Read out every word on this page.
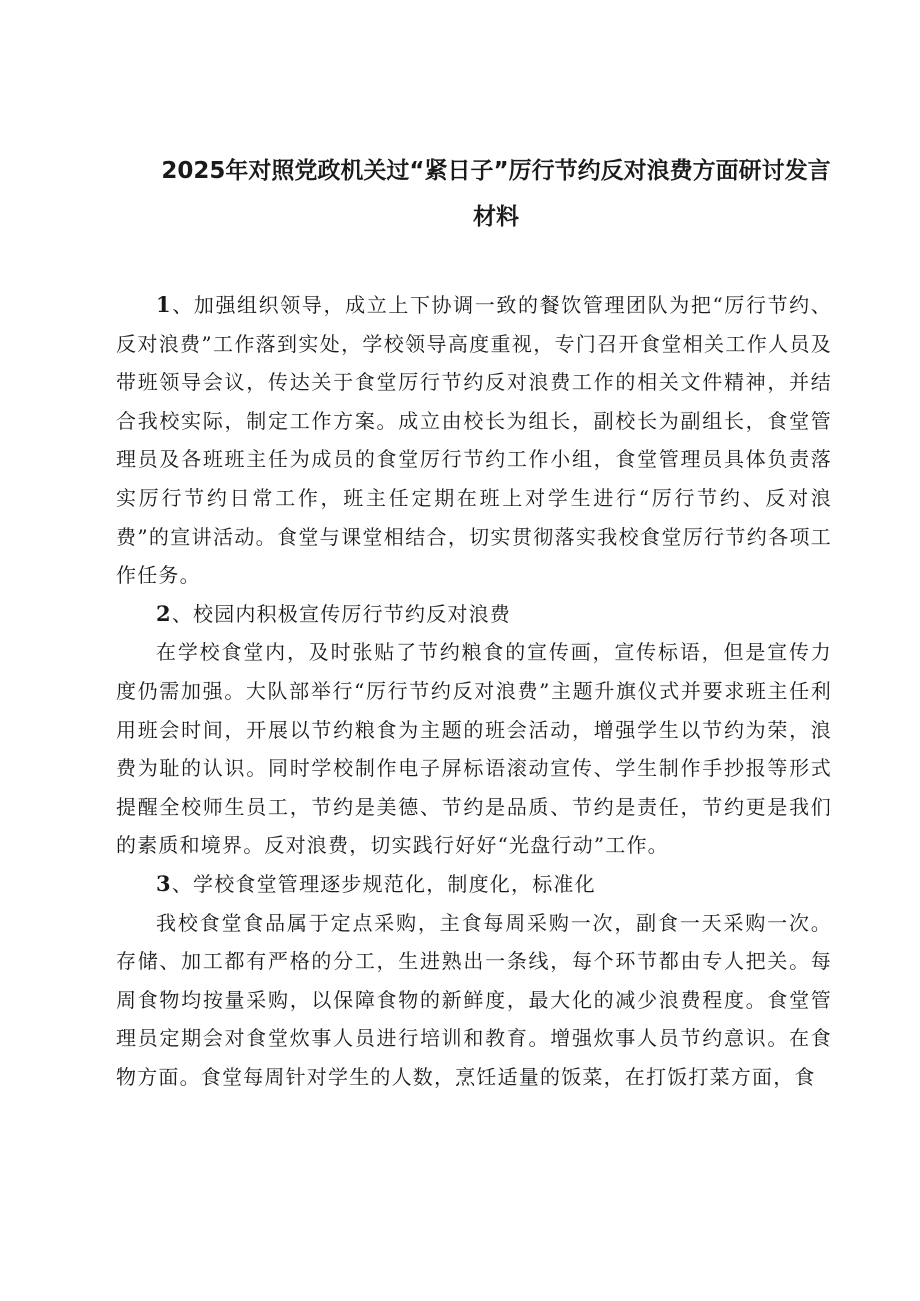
2025年对照党政机关过“紧日子”厉行节约反对浪费方面研讨发言
材料

1、加强组织领导，成立上下协调一致的餐饮管理团队为把“厉行节约、反对浪费”工作落到实处，学校领导高度重视，专门召开食堂相关工作人员及带班领导会议，传达关于食堂厉行节约反对浪费工作的相关文件精神，并结合我校实际，制定工作方案。成立由校长为组长，副校长为副组长，食堂管理员及各班班主任为成员的食堂厉行节约工作小组，食堂管理员具体负责落实厉行节约日常工作，班主任定期在班上对学生进行“厉行节约、反对浪费”的宣讲活动。食堂与课堂相结合，切实贯彻落实我校食堂厉行节约各项工作任务。

2、校园内积极宣传厉行节约反对浪费

在学校食堂内，及时张贴了节约粮食的宣传画，宣传标语，但是宣传力度仍需加强。大队部举行“厉行节约反对浪费”主题升旗仪式并要求班主任利用班会时间，开展以节约粮食为主题的班会活动，增强学生以节约为荣，浪费为耻的认识。同时学校制作电子屏标语滚动宣传、学生制作手抄报等形式提醒全校师生员工，节约是美德、节约是品质、节约是责任，节约更是我们的素质和境界。反对浪费，切实践行好好“光盘行动”工作。

3、学校食堂管理逐步规范化，制度化，标准化

我校食堂食品属于定点采购，主食每周采购一次，副食一天采购一次。存储、加工都有严格的分工，生进熟出一条线，每个环节都由专人把关。每周食物均按量采购，以保障食物的新鲜度，最大化的减少浪费程度。食堂管理员定期会对食堂炊事人员进行培训和教育。增强炊事人员节约意识。在食物方面。食堂每周针对学生的人数，烹饪适量的饭菜，在打饭打菜方面，食
